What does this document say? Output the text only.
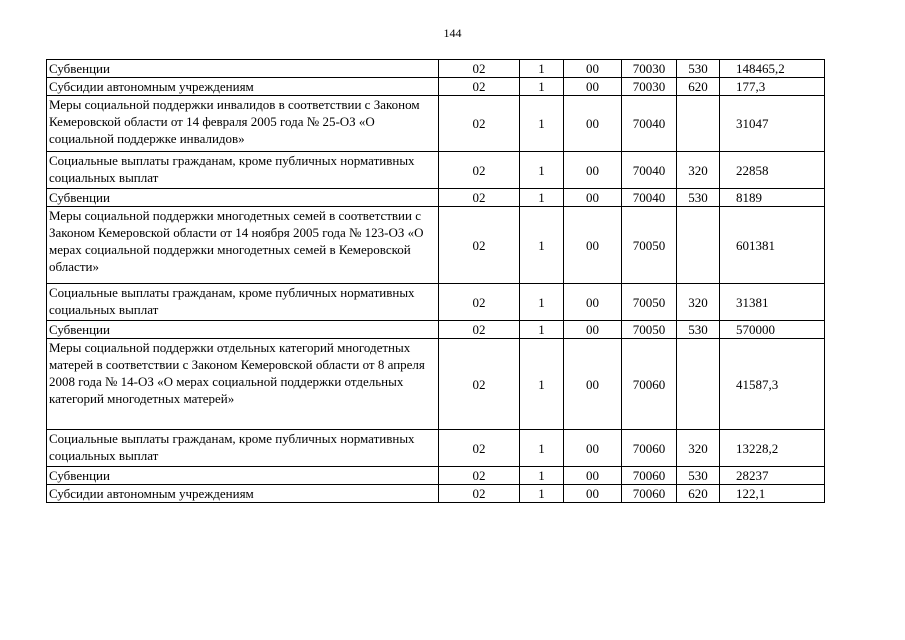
144
Субвенции	02	1	00	70030	530	148465,2
Субсидии автономным учреждениям	02	1	00	70030	620	177,3
Меры социальной поддержки инвалидов в соответствии с Законом Кемеровской области от 14 февраля 2005 года № 25-ОЗ «О социальной поддержке инвалидов»	02	1	00	70040		31047
Социальные выплаты гражданам, кроме публичных нормативных социальных выплат	02	1	00	70040	320	22858
Субвенции	02	1	00	70040	530	8189
Меры социальной поддержки многодетных семей в соответствии с Законом Кемеровской области от 14 ноября 2005 года № 123-ОЗ «О мерах социальной поддержки многодетных семей в Кемеровской области»	02	1	00	70050		601381
Социальные выплаты гражданам, кроме публичных нормативных социальных выплат	02	1	00	70050	320	31381
Субвенции	02	1	00	70050	530	570000
Меры социальной поддержки отдельных категорий многодетных матерей в соответствии с Законом Кемеровской области от 8 апреля 2008 года № 14-ОЗ «О мерах социальной поддержки отдельных категорий многодетных матерей»	02	1	00	70060		41587,3
Социальные выплаты гражданам, кроме публичных нормативных социальных выплат	02	1	00	70060	320	13228,2
Субвенции	02	1	00	70060	530	28237
Субсидии автономным учреждениям	02	1	00	70060	620	122,1
